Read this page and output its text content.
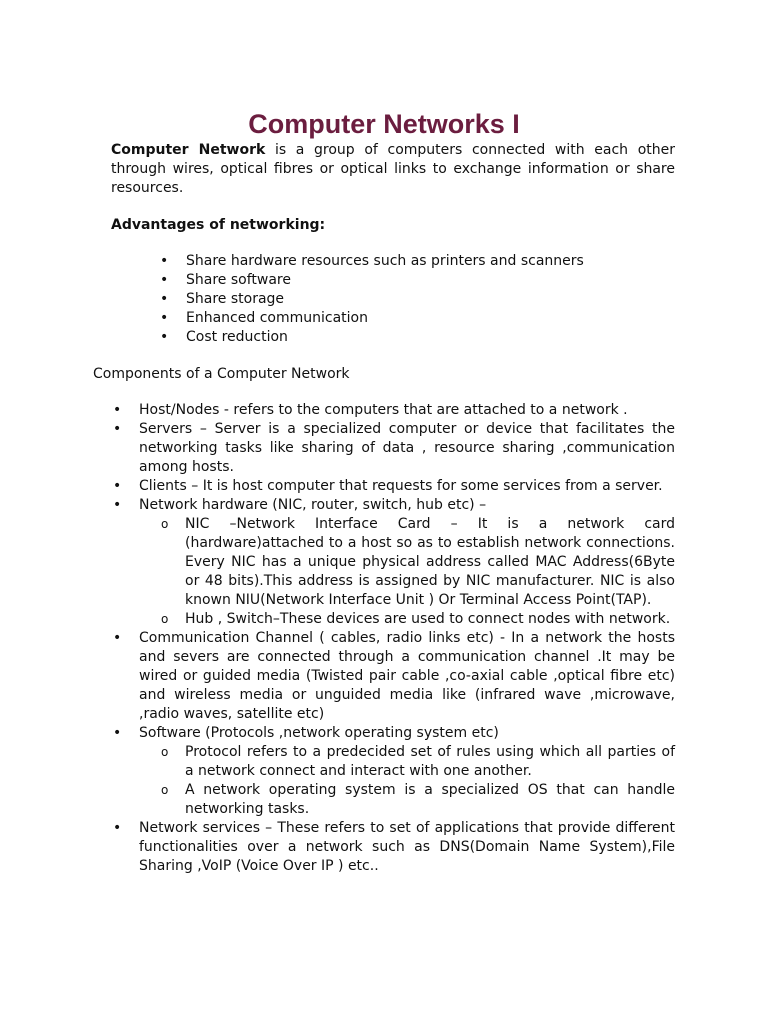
Computer Networks I

Computer Network is a group of computers connected with each other through wires, optical fibres or optical links to exchange information or share resources.

Advantages of networking:

• Share hardware resources such as printers and scanners
• Share software
• Share storage
• Enhanced communication
• Cost reduction

Components of a Computer Network

• Host/Nodes - refers to the computers that are attached to a network .
• Servers – Server is a specialized computer or device that facilitates the networking tasks like sharing of data , resource sharing ,communication among hosts.
• Clients – It is host computer that requests for some services from a server.
• Network hardware (NIC, router, switch, hub etc) –
o NIC –Network Interface Card – It is a network card (hardware)attached to a host so as to establish network connections. Every NIC has a unique physical address called MAC Address(6Byte or 48 bits).This address is assigned by NIC manufacturer. NIC is also known NIU(Network Interface Unit ) Or Terminal Access Point(TAP).
o Hub , Switch–These devices are used to connect nodes with network.
• Communication Channel ( cables, radio links etc) - In a network the hosts and severs are connected through a communication channel .It may be wired or guided media (Twisted pair cable ,co-axial cable ,optical fibre etc) and wireless media or unguided media like (infrared wave ,microwave, ,radio waves, satellite etc)
• Software (Protocols ,network operating system etc)
o Protocol refers to a predecided set of rules using which all parties of a network connect and interact with one another.
o A network operating system is a specialized OS that can handle networking tasks.
• Network services – These refers to set of applications that provide different functionalities over a network such as DNS(Domain Name System),File Sharing ,VoIP (Voice Over IP ) etc..
